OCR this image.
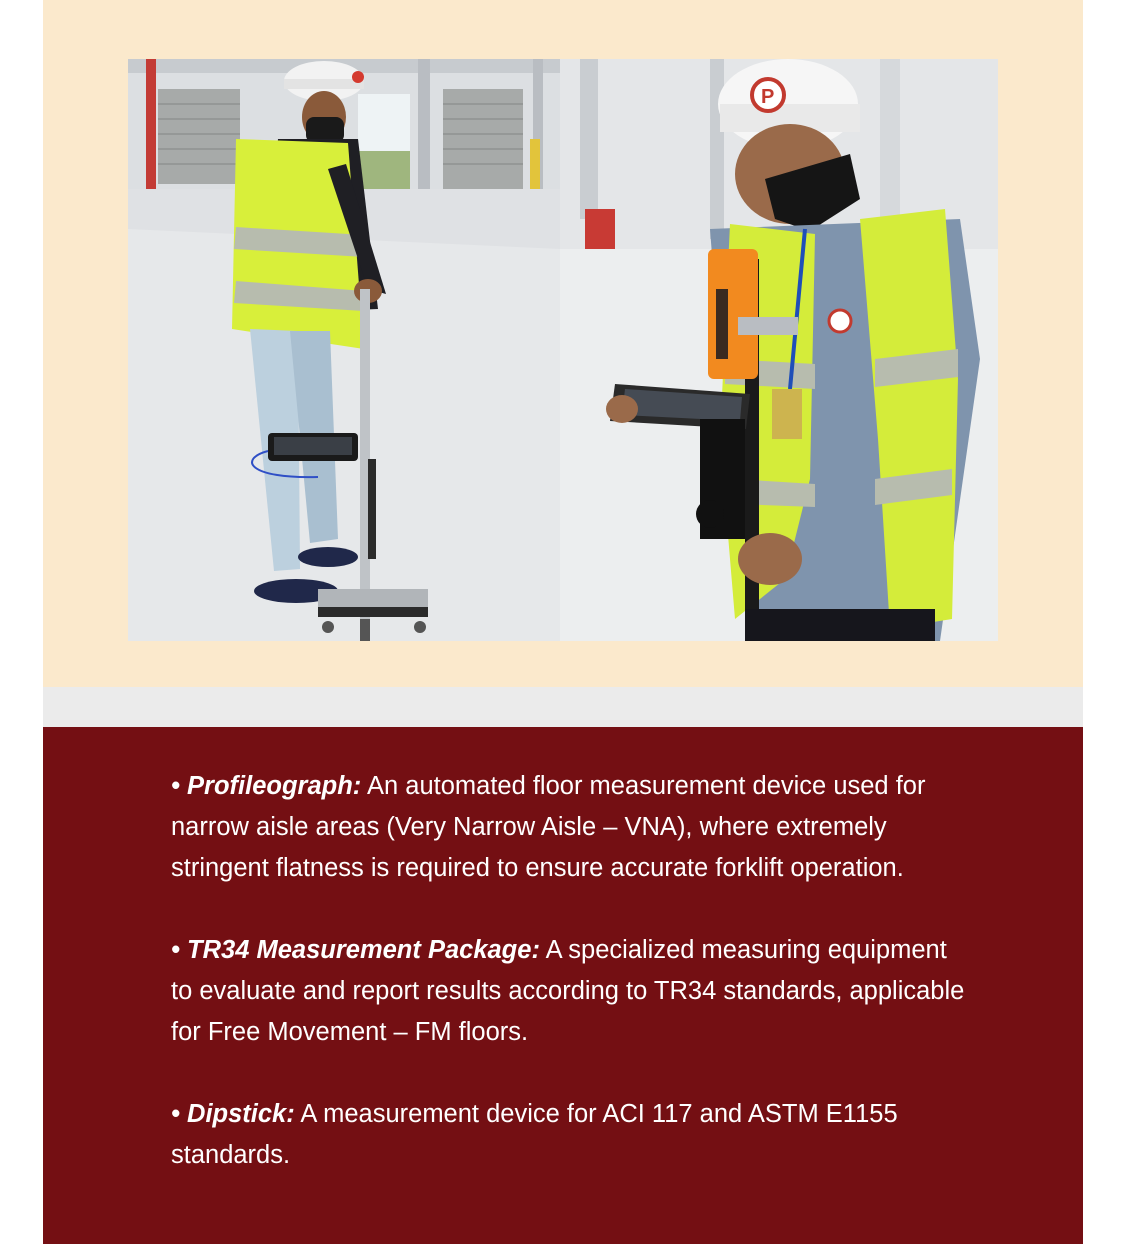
P

• Profileograph: An automated floor measurement device used for narrow aisle areas (Very Narrow Aisle – VNA), where extremely stringent flatness is required to ensure accurate forklift operation.

• TR34 Measurement Package: A specialized measuring equipment to evaluate and report results according to TR34 standards, applicable for Free Movement – FM floors.

• Dipstick: A measurement device for ACI 117 and ASTM E1155 standards.
